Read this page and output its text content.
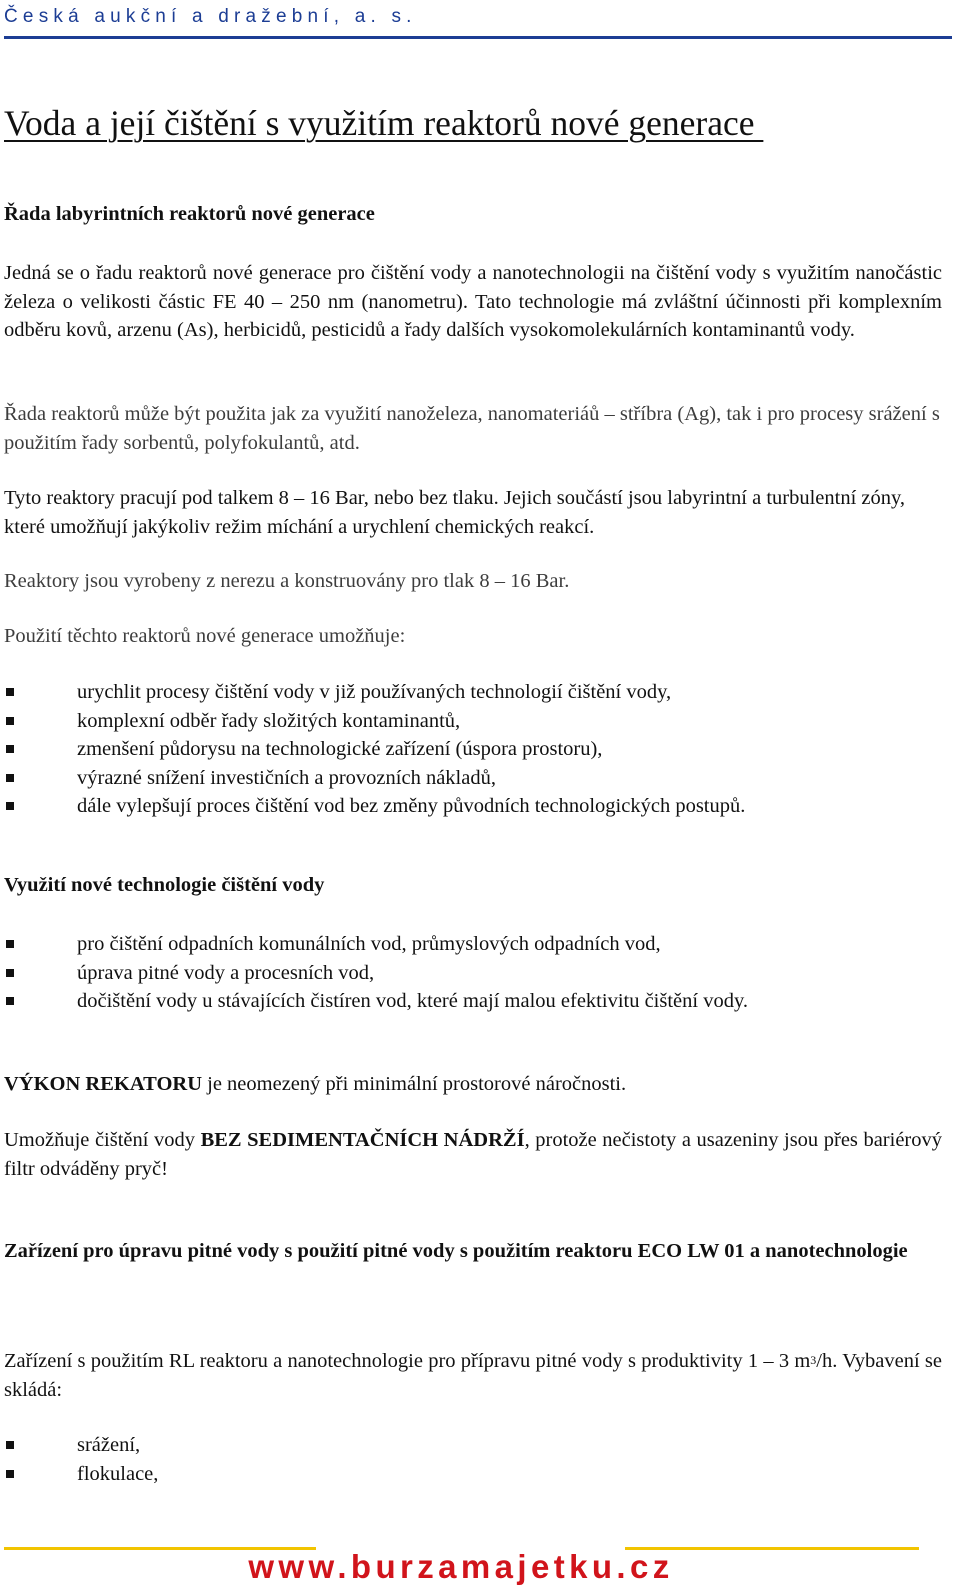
Česká aukční a dražební, a. s.
Voda a její čištění s využitím reaktorů nové generace
Řada labyrintních reaktorů nové generace
Jedná se o řadu reaktorů nové generace pro čištění vody a nanotechnologii na čištění vody s využitím nanočástic železa o velikosti částic FE 40 – 250 nm (nanometru). Tato technologie má zvláštní účinnosti při komplexním odběru kovů, arzenu (As), herbicidů, pesticidů a řady dalších vysokomolekulárních kontaminantů vody.
Řada reaktorů může být použita jak za využití nanoželeza, nanomateriáů – stříbra (Ag), tak i pro procesy srážení s použitím řady sorbentů, polyfokulantů, atd.
Tyto reaktory pracují pod talkem 8 – 16 Bar, nebo bez tlaku. Jejich součástí jsou labyrintní a turbulentní zóny, které umožňují jakýkoliv režim míchání a urychlení chemických reakcí.
Reaktory jsou vyrobeny z nerezu a konstruovány pro tlak 8 – 16 Bar.
Použití těchto reaktorů nové generace umožňuje:
urychlit procesy čištění vody v již používaných technologií čištění vody,
komplexní odběr řady složitých kontaminantů,
zmenšení půdorysu na technologické zařízení (úspora prostoru),
výrazné snížení investičních a provozních nákladů,
dále vylepšují proces čištění vod bez změny původních technologických postupů.
Využití nové technologie čištění vody
pro čištění odpadních komunálních vod, průmyslových odpadních vod,
úprava pitné vody a procesních vod,
dočištění vody u stávajících čistíren vod, které mají malou efektivitu čištění vody.
VÝKON REKATORU je neomezený při minimální prostorové náročnosti.
Umožňuje čištění vody BEZ SEDIMENTAČNÍCH NÁDRŽÍ, protože nečistoty a usazeniny jsou přes bariérový filtr odváděny pryč!
Zařízení pro úpravu pitné vody s použití pitné vody s použitím reaktoru ECO LW 01 a nanotechnologie
Zařízení s použitím RL reaktoru a nanotechnologie pro přípravu pitné vody s produktivity 1 – 3 $m^3/h$. Vybavení se skládá:
srážení,
flokulace,
www.burzamajetku.cz
